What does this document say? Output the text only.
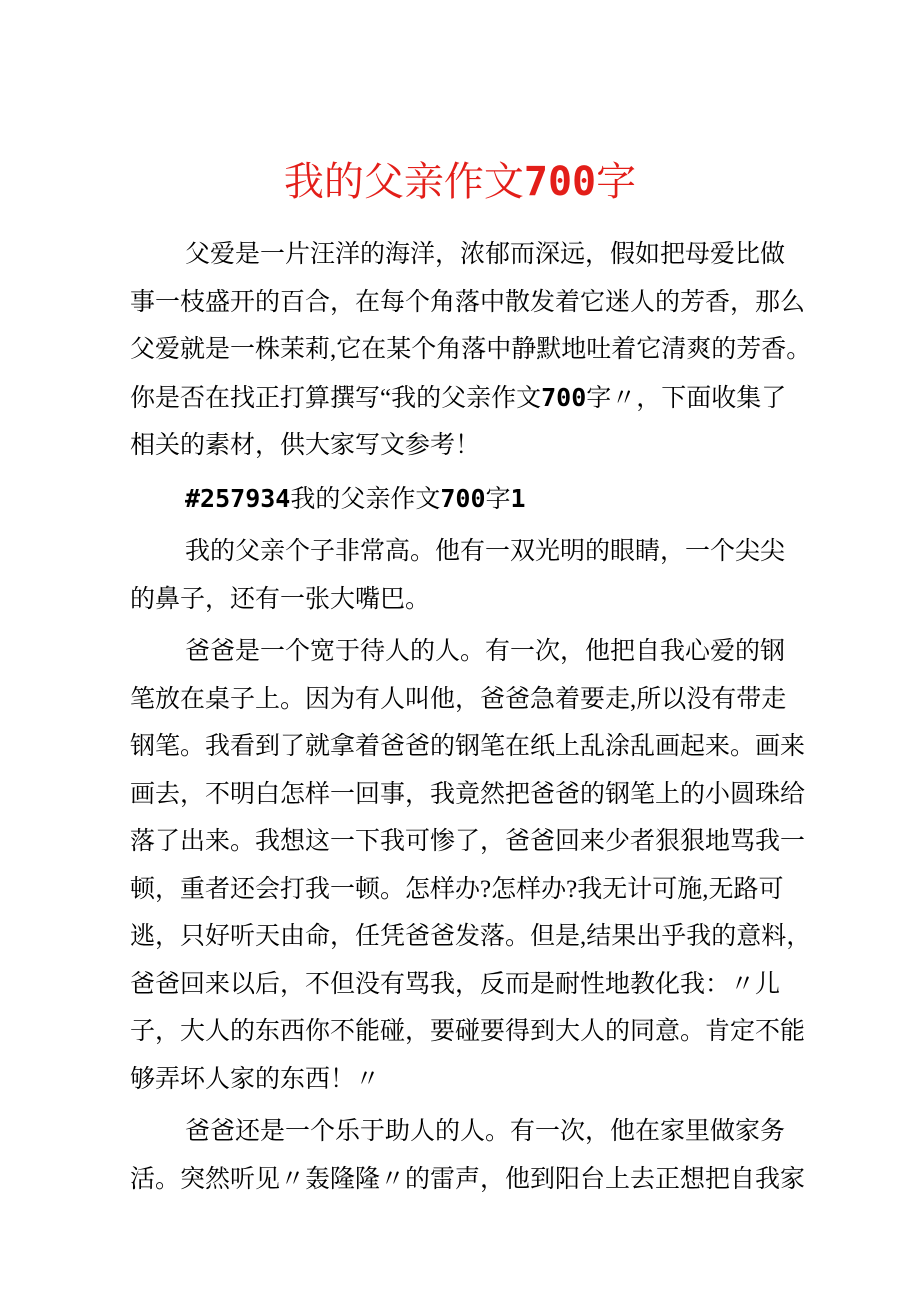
我的父亲作文700字

父爱是一片汪洋的海洋，浓郁而深远，假如把母爱比做
事一枝盛开的百合，在每个角落中散发着它迷人的芳香，那么
父爱就是一株茉莉,它在某个角落中静默地吐着它清爽的芳香。
你是否在找正打算撰写“我的父亲作文700字〃，下面收集了
相关的素材，供大家写文参考！

#257934我的父亲作文700字1

我的父亲个子非常高。他有一双光明的眼睛，一个尖尖
的鼻子，还有一张大嘴巴。

爸爸是一个宽于待人的人。有一次，他把自我心爱的钢
笔放在桌子上。因为有人叫他，爸爸急着要走,所以没有带走
钢笔。我看到了就拿着爸爸的钢笔在纸上乱涂乱画起来。画来
画去，不明白怎样一回事，我竟然把爸爸的钢笔上的小圆珠给
落了出来。我想这一下我可惨了，爸爸回来少者狠狠地骂我一
顿，重者还会打我一顿。怎样办?怎样办?我无计可施,无路可
逃，只好听天由命，任凭爸爸发落。但是,结果出乎我的意料，
爸爸回来以后，不但没有骂我，反而是耐性地教化我：〃儿
子，大人的东西你不能碰，要碰要得到大人的同意。肯定不能
够弄坏人家的东西！〃

爸爸还是一个乐于助人的人。有一次，他在家里做家务
活。突然听见〃轰隆隆〃的雷声，他到阳台上去正想把自我家
